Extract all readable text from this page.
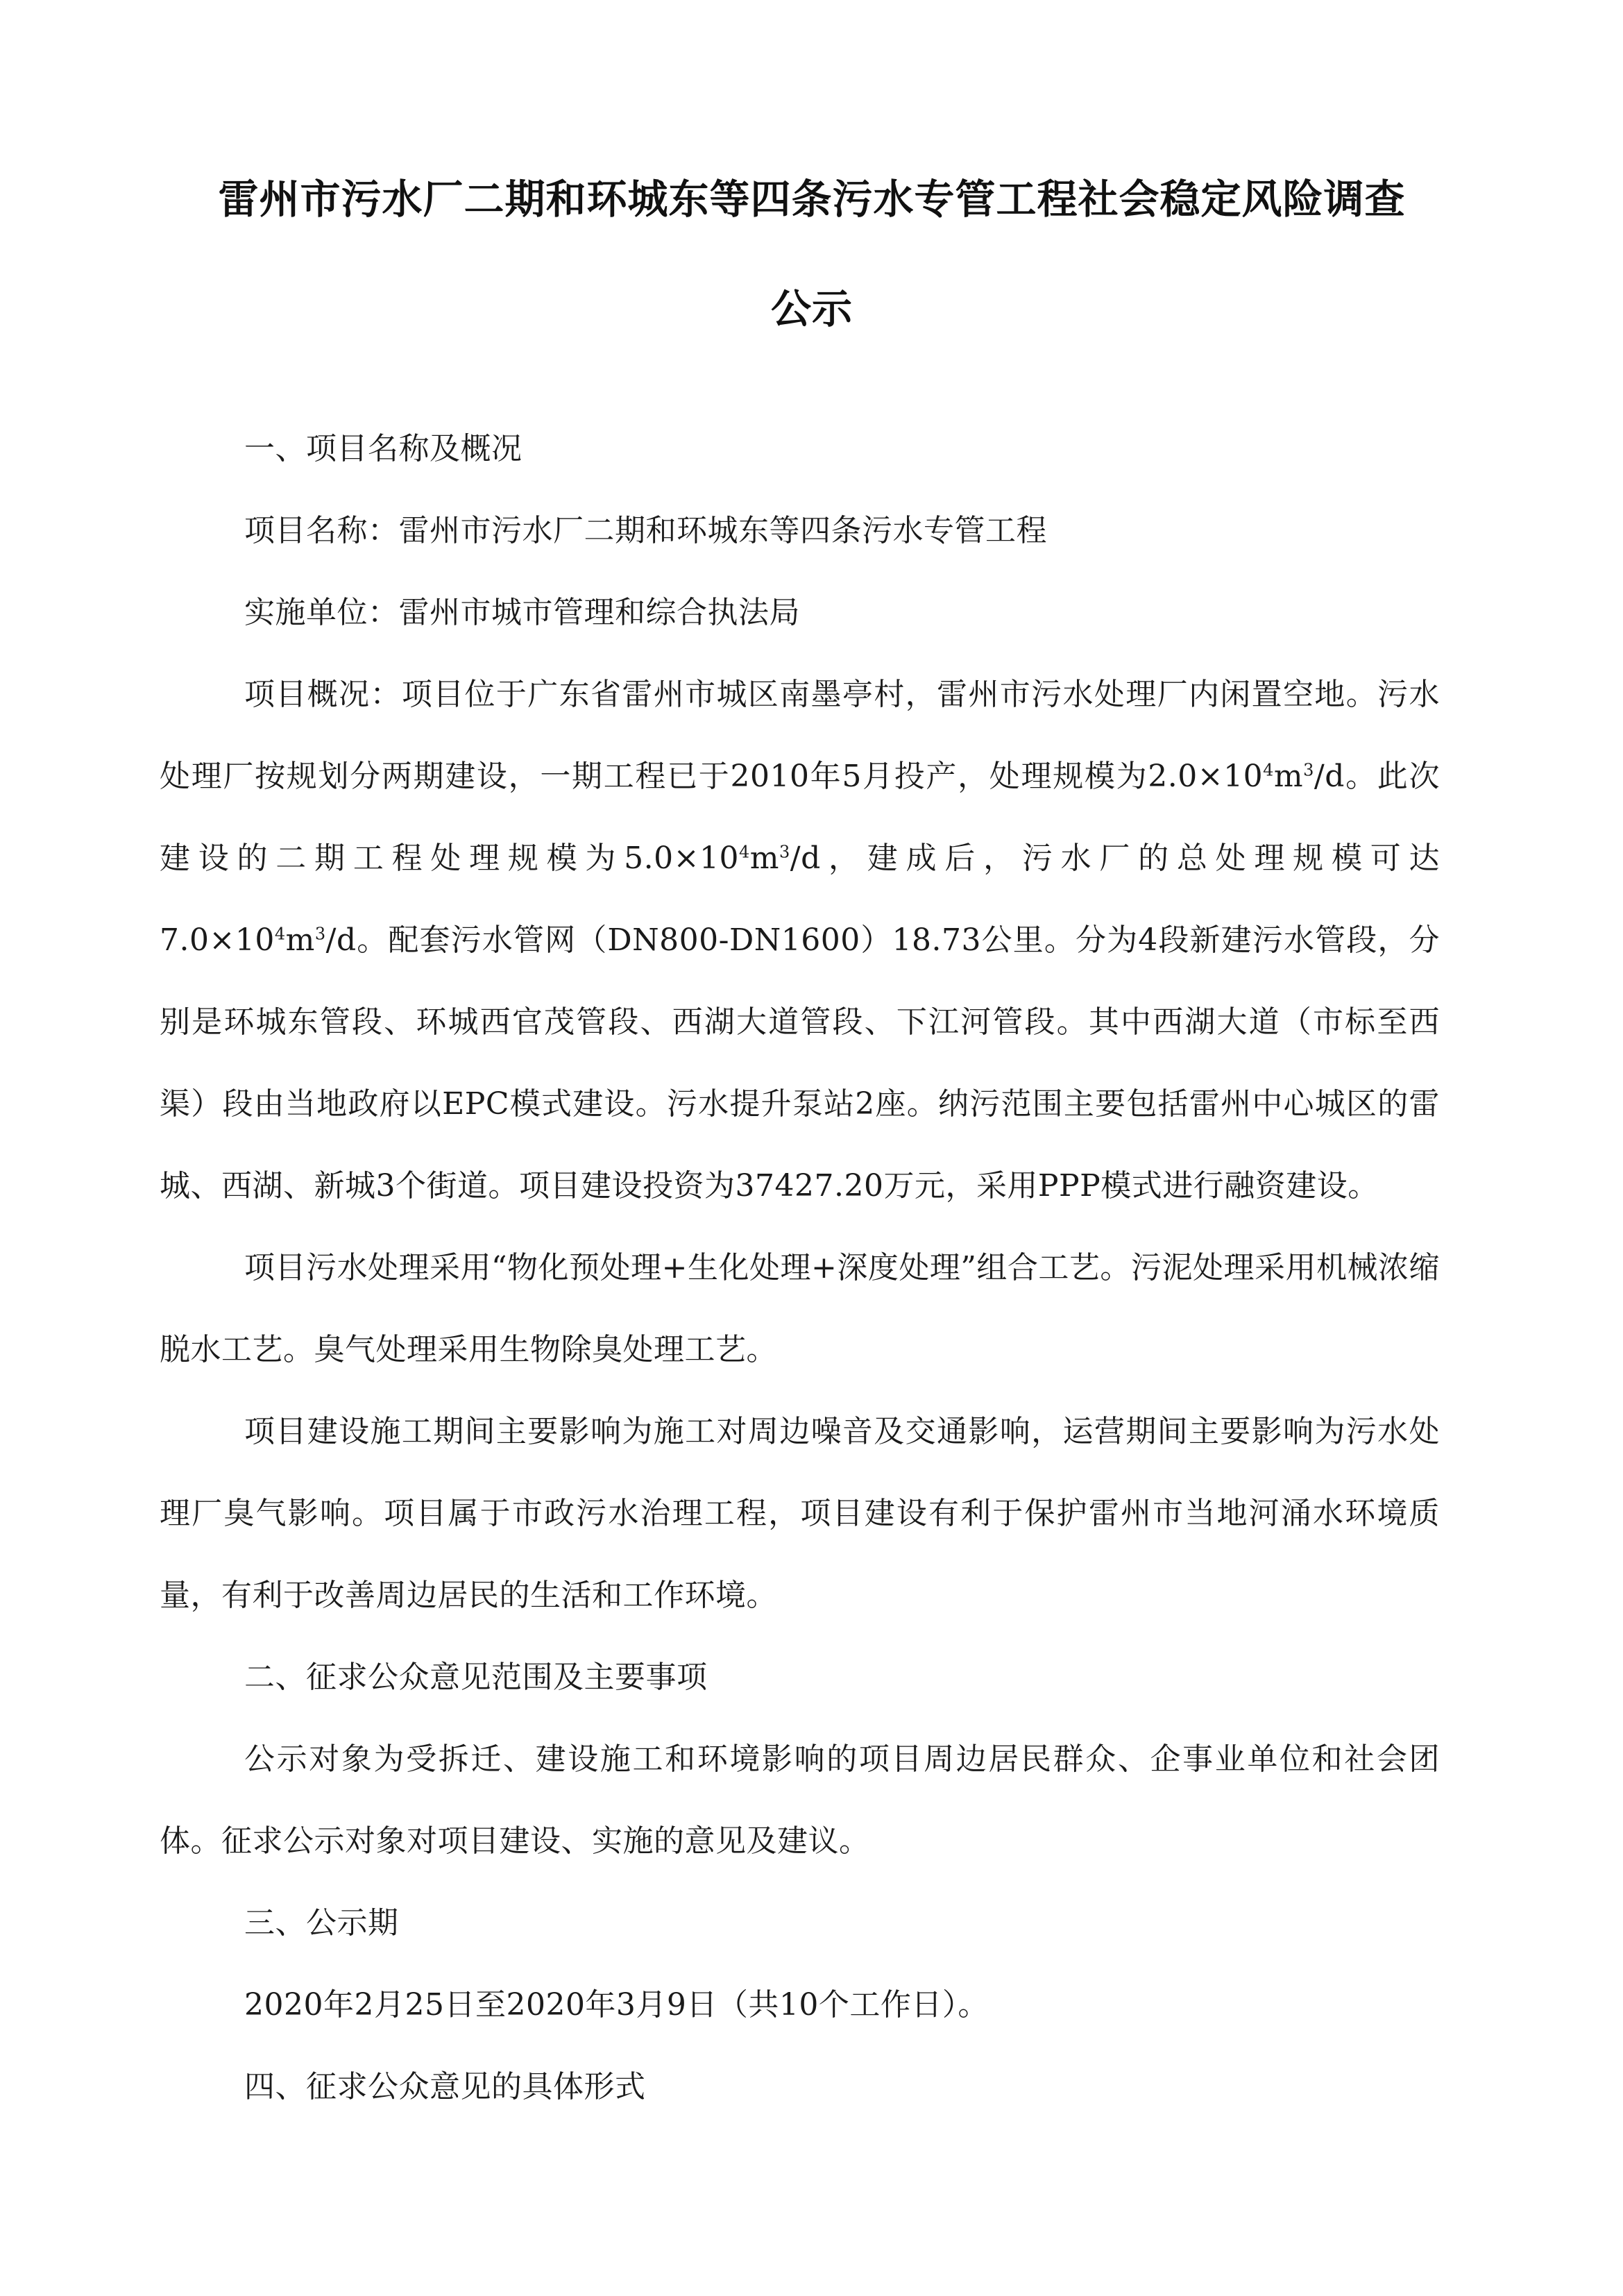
雷州市污水厂二期和环城东等四条污水专管工程社会稳定风险调查
公示

一、项目名称及概况

项目名称：雷州市污水厂二期和环城东等四条污水专管工程

实施单位：雷州市城市管理和综合执法局

项目概况：项目位于广东省雷州市城区南墨亭村，雷州市污水处理厂内闲置空地。污水处理厂按规划分两期建设，一期工程已于2010年5月投产，处理规模为$2.0\times 10^4m^3/d$。此次建设的二期工程处理规模为$5.0\times 10^4m^3/d$，建成后，污水厂的总处理规模可达$7.0\times 10^4m^3/d$。配套污水管网（DN800-DN1600）18.73公里。分为4段新建污水管段，分别是环城东管段、环城西官茂管段、西湖大道管段、下江河管段。其中西湖大道（市标至西渠）段由当地政府以EPC模式建设。污水提升泵站2座。纳污范围主要包括雷州中心城区的雷城、西湖、新城3个街道。项目建设投资为37427.20万元，采用PPP模式进行融资建设。

项目污水处理采用“物化预处理+生化处理+深度处理”组合工艺。污泥处理采用机械浓缩脱水工艺。臭气处理采用生物除臭处理工艺。

项目建设施工期间主要影响为施工对周边噪音及交通影响，运营期间主要影响为污水处理厂臭气影响。项目属于市政污水治理工程，项目建设有利于保护雷州市当地河涌水环境质量，有利于改善周边居民的生活和工作环境。

二、征求公众意见范围及主要事项

公示对象为受拆迁、建设施工和环境影响的项目周边居民群众、企事业单位和社会团体。征求公示对象对项目建设、实施的意见及建议。

三、公示期

2020年2月25日至2020年3月9日（共10个工作日）。

四、征求公众意见的具体形式
